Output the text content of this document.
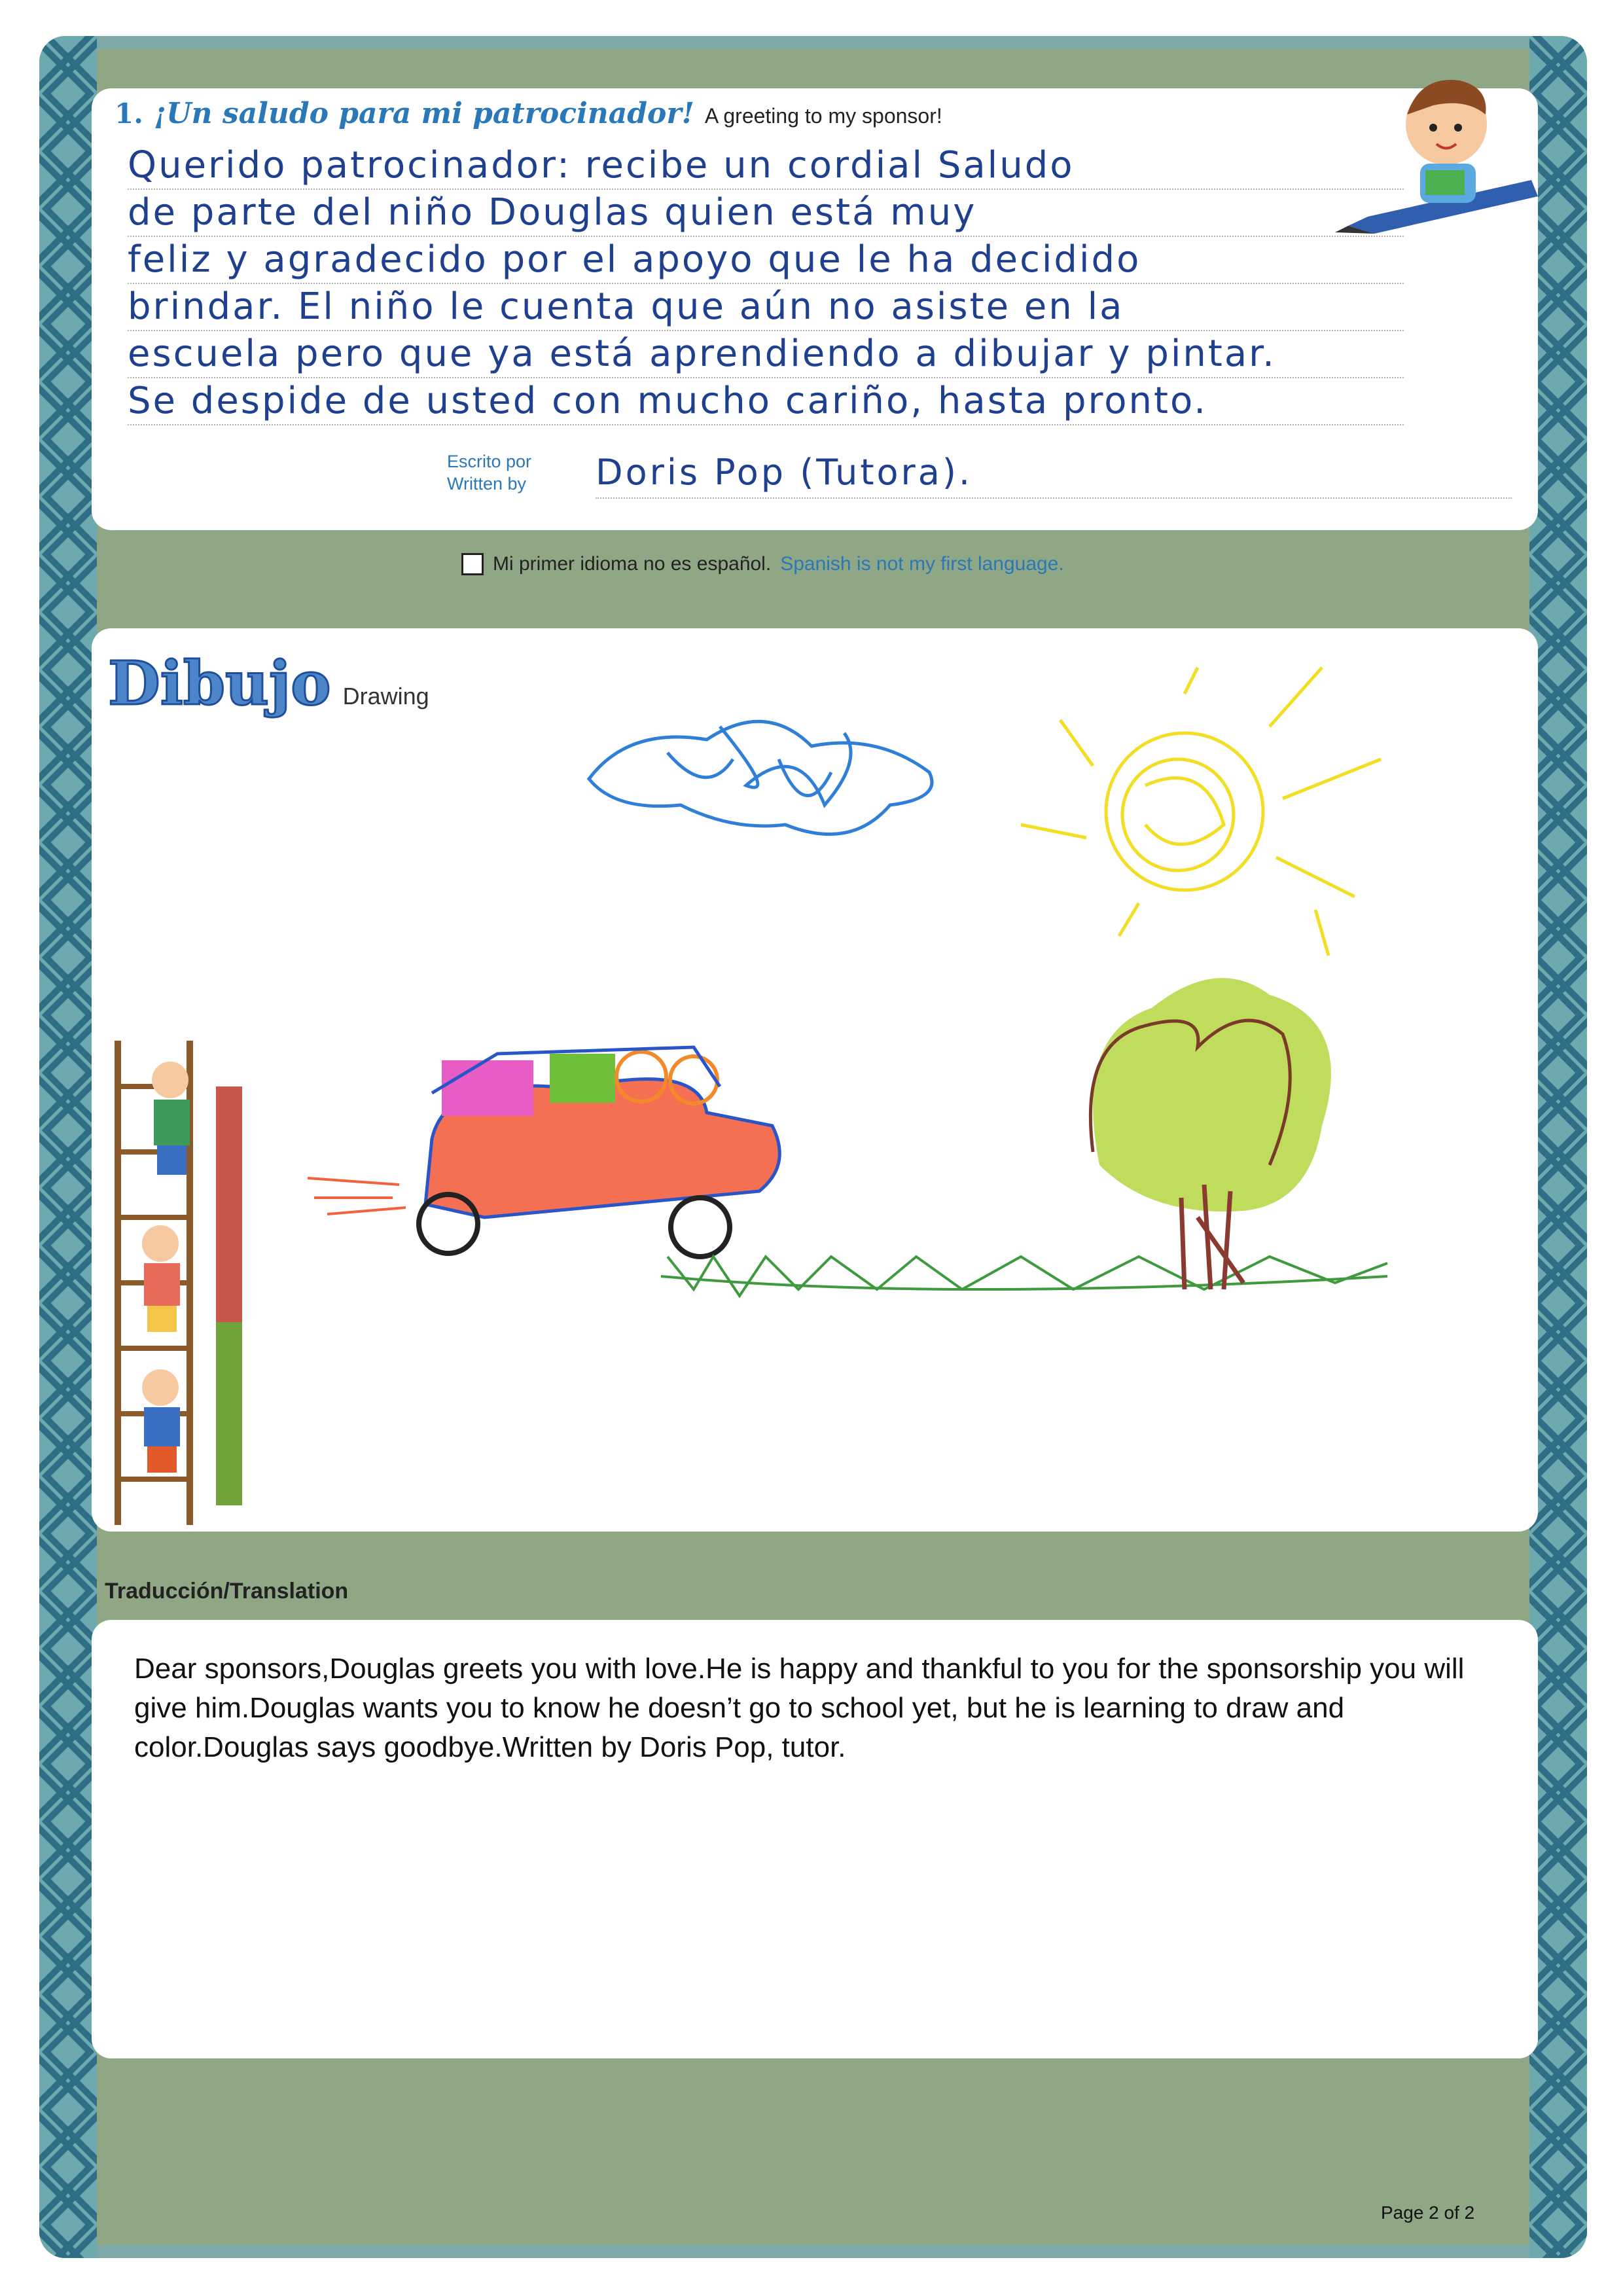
1. ¡Un saludo para mi patrocinador! A greeting to my sponsor!
Querido patrocinador: recibe un cordial Saludo
de parte del niño Douglas quien está muy
feliz y agradecido por el apoyo que le ha decidido
brindar. El niño le cuenta que aún no asiste en la
escuela pero que ya está aprendiendo a dibujar y pintar.
Se despide de usted con mucho cariño, hasta pronto.
Escrito por
Written by Doris Pop (Tutora).
Mi primer idioma no es español. Spanish is not my first language.
Dibujo Drawing
Traducción/Translation
Dear sponsors,Douglas greets you with love.He is happy and thankful to you for the sponsorship you will give him.Douglas wants you to know he doesn’t go to school yet, but he is learning to draw and color.Douglas says goodbye.Written by Doris Pop, tutor.
Page 2 of 2
